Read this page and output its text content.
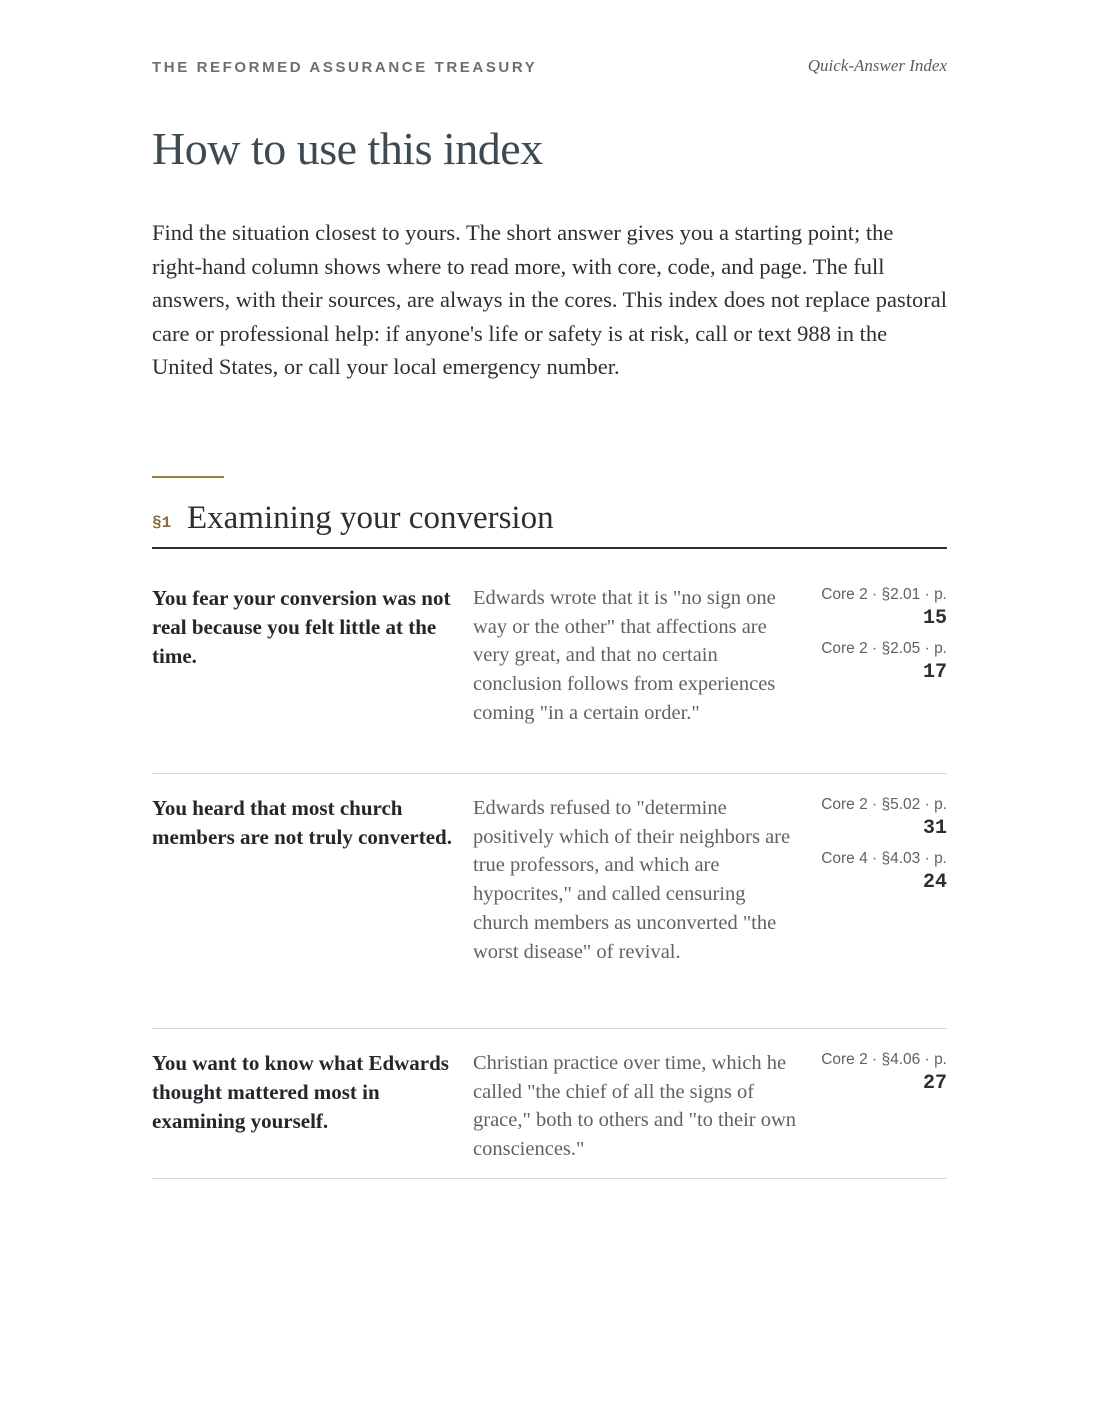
THE REFORMED ASSURANCE TREASURY	Quick-Answer Index
How to use this index

Find the situation closest to yours. The short answer gives you a starting point; the right-hand column shows where to read more, with core, code, and page. The full answers, with their sources, are always in the cores. This index does not replace pastoral care or professional help: if anyone's life or safety is at risk, call or text 988 in the United States, or call your local emergency number.

§1 Examining your conversion
You fear your conversion was not real because you felt little at the time.
Edwards wrote that it is "no sign one way or the other" that affections are very great, and that no certain conclusion follows from experiences coming "in a certain order."
Core 2 · §2.01 · p.
15
Core 2 · §2.05 · p.
17
You heard that most church members are not truly converted.
Edwards refused to "determine positively which of their neighbors are true professors, and which are hypocrites," and called censuring church members as unconverted "the worst disease" of revival.
Core 2 · §5.02 · p.
31
Core 4 · §4.03 · p.
24
You want to know what Edwards thought mattered most in examining yourself.
Christian practice over time, which he called "the chief of all the signs of grace," both to others and "to their own consciences."
Core 2 · §4.06 · p.
27
